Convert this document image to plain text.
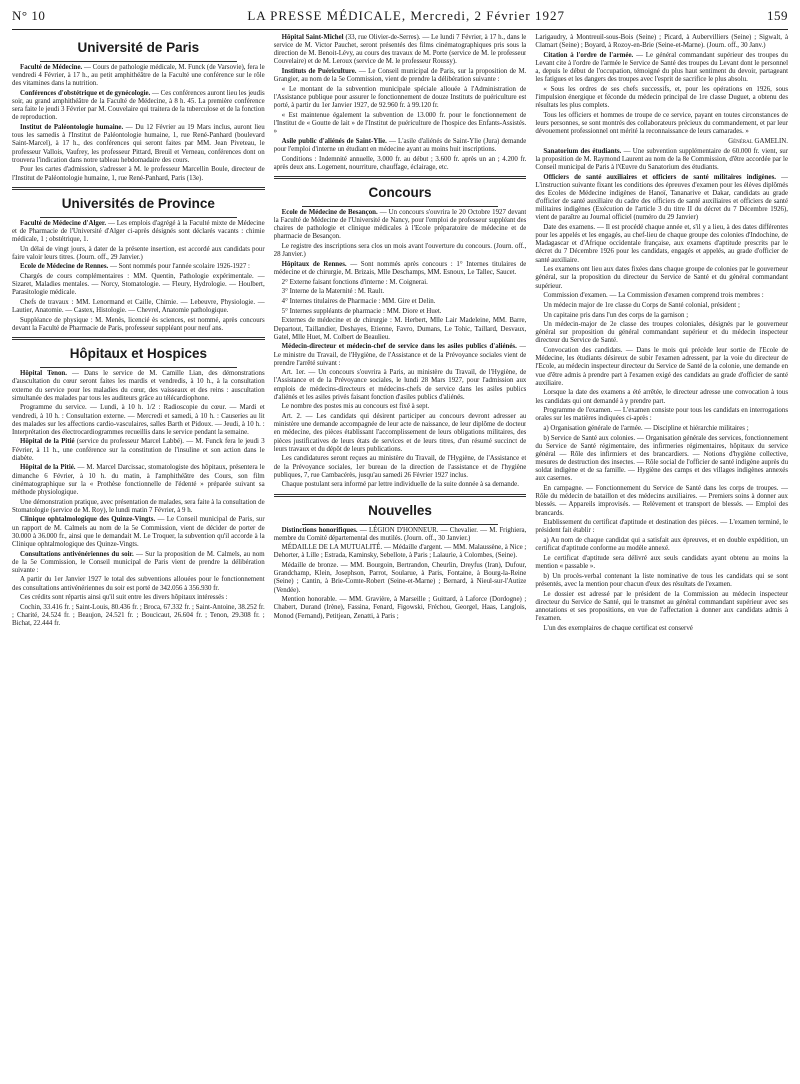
N° 10	LA PRESSE MÉDICALE, Mercredi, 2 Février 1927	159
Université de Paris

Faculté de Médecine. — Cours de pathologie médicale, M. Funck (de Varsovie), fera le vendredi 4 Février, à 17 h., au petit amphithéâtre de la Faculté une conférence sur le rôle des vitamines dans la nutrition.

Conférences d'obstétrique et de gynécologie. — Ces conférences auront lieu les jeudis soir, au grand amphithéâtre de la Faculté de Médecine, à 8 h. 45. La première conférence sera faite le jeudi 3 Février par M. Couvelaire qui traitera de la tuberculose et de la fonction de reproduction.

Institut de Paléontologie humaine. — Du 12 Février au 19 Mars inclus, auront lieu tous les samedis à l'Institut de Paléontologie humaine, 1, rue René-Panhard (boulevard Saint-Marcel), à 17 h., des conférences qui seront faites par MM. Jean Piveteau, le professeur Vallois, Vaufrey, les professeur Pittard, Breuil et Verneau, conférences dont on trouvera l'indication dans notre tableau hebdomadaire des cours.

Pour les cartes d'admission, s'adresser à M. le professeur Marcellin Boule, directeur de l'Institut de Paléontologie humaine, 1, rue René-Panhard, Paris (13e).

Universités de Province

Faculté de Médecine d'Alger. — Les emplois d'agrégé à la Faculté mixte de Médecine et de Pharmacie de l'Université d'Alger ci-après désignés sont déclarés vacants : chimie médicale, 1 ; obstétrique, 1.

Un délai de vingt jours, à dater de la présente insertion, est accordé aux candidats pour faire valoir leurs titres. (Journ. off., 29 Janvier.)

Ecole de Médecine de Rennes. — Sont nommés pour l'année scolaire 1926-1927 :

Chargés de cours complémentaires : MM. Quentin, Pathologie expérimentale. — Sizaret, Maladies mentales. — Norcy, Stomatologie. — Fleury, Hydrologie. — Houlbert, Parasitologie médicale.

Chefs de travaux : MM. Lenormand et Caille, Chimie. — Lebeuvre, Physiologie. — Lautier, Anatomie. — Castex, Histologie. — Chevrel, Anatomie pathologique.

Suppléance de physique : M. Menès, licencié ès sciences, est nommé, après concours devant la Faculté de Pharmacie de Paris, professeur suppléant pour neuf ans.

Hôpitaux et Hospices

Hôpital Tenon. — Dans le service de M. Camille Lian, des démonstrations d'auscultation du cœur seront faites les mardis et vendredis, à 10 h., à la consultation externe du service pour les maladies du cœur, des vaisseaux et des reins : auscultation simultanée des malades par tous les auditeurs grâce au télécardiophone.

Programme du service. — Lundi, à 10 h. 1/2 : Radioscopie du cœur. — Mardi et vendredi, à 10 h. : Consultation externe. — Mercredi et samedi, à 10 h. : Causeries au lit des malades sur les affections cardio-vasculaires, salles Barth et Pidoux. — Jeudi, à 10 h. : Interprétation des électrocardiogrammes recueillis dans le service pendant la semaine.

Hôpital de la Pitié (service du professeur Marcel Labbé). — M. Funck fera le jeudi 3 Février, à 11 h., une conférence sur la constitution de l'insuline et son action dans le diabète.

Hôpital de la Pitié. — M. Marcel Darcissac, stomatologiste des hôpitaux, présentera le dimanche 6 Février, à 10 h. du matin, à l'amphithéâtre des Cours, son film cinématographique sur la « Prothèse fonctionnelle de l'édenté » préparée suivant sa méthode physiologique.

Une démonstration pratique, avec présentation de malades, sera faite à la consultation de Stomatologie (service de M. Roy), le lundi matin 7 Février, à 9 h.

Clinique ophtalmologique des Quinze-Vingts. — Le Conseil municipal de Paris, sur un rapport de M. Calmels au nom de la 5e Commission, vient de décider de porter de 30.000 à 36.000 fr., ainsi que le demandait M. Le Troquer, la subvention qu'il accorde à la Clinique ophtalmologique des Quinze-Vingts.

Consultations antivénériennes du soir. — Sur la proposition de M. Calmels, au nom de la 5e Commission, le Conseil municipal de Paris vient de prendre la délibération suivante :

A partir du 1er Janvier 1927 le total des subventions allouées pour le fonctionnement des consultations antivénériennes du soir est porté de 342.056 à 356.930 fr.

Ces crédits sont répartis ainsi qu'il suit entre les divers hôpitaux intéressés :

Cochin, 33.416 fr. ; Saint-Louis, 80.436 fr. ; Broca, 67.332 fr. ; Saint-Antoine, 38.252 fr. ; Charité, 24.524 fr. ; Beaujon, 24.521 fr. ; Boucicaut, 26.604 fr. ; Tenon, 29.308 fr. ; Bichat, 22.444 fr.

Hôpital Saint-Michel (33, rue Olivier-de-Serres). — Le lundi 7 Février, à 17 h., dans le service de M. Victor Pauchet, seront présentés des films cinématographiques pris sous la direction de M. Benoit-Lévy, au cours des travaux de M. Porte (service de M. le professeur Couvelaire) et de M. Leroux (service de M. le professeur Roussy).

Instituts de Puériculture. — Le Conseil municipal de Paris, sur la proposition de M. Grangier, au nom de la 5e Commission, vient de prendre la délibération suivante :

« Le montant de la subvention municipale spéciale allouée à l'Administration de l'Assistance publique pour assurer le fonctionnement de douze Instituts de puériculture est porté, à partir du 1er Janvier 1927, de 92.960 fr. à 99.120 fr.

« Est maintenue également la subvention de 13.000 fr. pour le fonctionnement de l'Institut de « Goutte de lait » de l'Institut de puériculture de l'hospice des Enfants-Assistés. »

Asile public d'aliénés de Saint-Ylie. — L'asile d'aliénés de Saint-Ylie (Jura) demande pour l'emploi d'interne un étudiant en médecine ayant au moins huit inscriptions.

Conditions : Indemnité annuelle, 3.000 fr. au début ; 3.600 fr. après un an ; 4.200 fr. après deux ans. Logement, nourriture, chauffage, éclairage, etc.

Concours

Ecole de Médecine de Besançon. — Un concours s'ouvrira le 20 Octobre 1927 devant la Faculté de Médecine de l'Université de Nancy, pour l'emploi de professeur suppléant des chaires de pathologie et clinique médicales à l'Ecole préparatoire de médecine et de pharmacie de Besançon.

Le registre des inscriptions sera clos un mois avant l'ouverture du concours. (Journ. off., 28 Janvier.)

Hôpitaux de Rennes. — Sont nommés après concours : 1° Internes titulaires de médecine et de chirurgie, M. Brizais, Mlle Deschamps, MM. Esnoux, Le Tallec, Saucet.

2° Externe faisant fonctions d'interne : M. Coignerai.

3° Interne de la Maternité : M. Rault.

4° Internes titulaires de Pharmacie : MM. Gire et Delin.

5° Internes suppléants de pharmacie : MM. Diore et Huet.

Externes de médecine et de chirurgie : M. Herbert, Mlle Lair Madeleine, MM. Barre, Departout, Taillandier, Deshayes, Etienne, Favro, Dumans, Le Tohic, Taillard, Desvaux, Gatel, Mlle Huet, M. Colbert de Beaulieu.

Médecin-directeur et médecin-chef de service dans les asiles publics d'aliénés. — Le ministre du Travail, de l'Hygiène, de l'Assistance et de la Prévoyance sociales vient de prendre l'arrêté suivant :

Art. 1er. — Un concours s'ouvrira à Paris, au ministère du Travail, de l'Hygiène, de l'Assistance et de la Prévoyance sociales, le lundi 28 Mars 1927, pour l'admission aux emplois de médecins-directeurs et médecins-chefs de service dans les asiles publics d'aliénés et les asiles privés faisant fonction d'asiles publics d'aliénés.

Le nombre des postes mis au concours est fixé à sept.

Art. 2. — Les candidats qui désirent participer au concours devront adresser au ministère une demande accompagnée de leur acte de naissance, de leur diplôme de docteur en médecine, des pièces établissant l'accomplissement de leurs obligations militaires, des pièces justificatives de leurs états de services et de leurs titres, d'un résumé succinct de leurs travaux et du dépôt de leurs publications.

Les candidatures seront reçues au ministère du Travail, de l'Hygiène, de l'Assistance et de la Prévoyance sociales, 1er bureau de la direction de l'assistance et de l'hygiène publiques, 7, rue Cambacérès, jusqu'au samedi 26 Février 1927 inclus.

Chaque postulant sera informé par lettre individuelle de la suite donnée à sa demande.

Nouvelles

Distinctions honorifiques. — LÉGION D'HONNEUR. — Chevalier. — M. Frighiera, membre du Comité départemental des mutilés. (Journ. off., 30 Janvier.)

MÉDAILLE DE LA MUTUALITÉ. — Médaille d'argent. — MM. Malaussène, à Nice ; Dehorter, à Lille ; Estrada, Kaminsky, Sebellote, à Paris ; Lalaurie, à Colombes, (Seine).

Médaille de bronze. — MM. Bourgoin, Bertrandon, Cheurlin, Dreyfus (Iran), Dufour, Grandchamp, Klein, Josephson, Parrot, Soularue, à Paris, Fontaine, à Bourg-la-Reine (Seine) ; Cantin, à Brie-Comte-Robert (Seine-et-Marne) ; Bernard, à Nieul-sur-l'Autize (Vendée).

Mention honorable. — MM. Gravière, à Marseille ; Guittard, à Laforce (Dordogne) ; Chabert, Durand (Irène), Fassina, Fenard, Figowski, Fréchou, Georgel, Haas, Langlois, Monod (Fernand), Petitjean, Zenatti, à Paris ;

Larigaudry, à Montreuil-sous-Bois (Seine) ; Picard, à Aubervilliers (Seine) ; Sigwalt, à Clamart (Seine) ; Boyard, à Rozoy-en-Brie (Seine-et-Marne). (Journ. off., 30 Janv.)

Citation à l'ordre de l'armée. — Le général commandant supérieur des troupes du Levant cite à l'ordre de l'armée le Service de Santé des troupes du Levant dont le personnel a, depuis le début de l'occupation, témoigné du plus haut sentiment du devoir, partageant les fatigues et les dangers des troupes avec l'esprit de sacrifice le plus absolu.

« Sous les ordres de ses chefs successifs, et, pour les opérations en 1926, sous l'impulsion énergique et féconde du médecin principal de 1re classe Duguet, a obtenu des résultats les plus complets.

Tous les officiers et hommes de troupe de ce service, payant en toutes circonstances de leurs personnes, se sont montrés des collaborateurs précieux du commandement, et par leur dévouement professionnel ont mérité la reconnaissance de leurs camarades. »

Général GAMELIN.

Sanatorium des étudiants. — Une subvention supplémentaire de 60.000 fr. vient, sur la proposition de M. Raymond Laurent au nom de la 8e Commission, d'être accordée par le Conseil municipal de Paris à l'Œuvre du Sanatorium des étudiants.

Officiers de santé auxiliaires et officiers de santé militaires indigènes. — L'instruction suivante fixant les conditions des épreuves d'examen pour les élèves diplômés des Ecoles de Médecine indigènes de Hanoï, Tananarive et Dakar, candidats au grade d'officier de santé auxiliaire du cadre des officiers de santé auxiliaires et officiers de santé militaires indigènes (Exécution de l'article 3 du titre II du décret du 7 Décembre 1926), vient de paraître au Journal officiel (numéro du 29 Janvier)

Date des examens. — Il est procédé chaque année et, s'il y a lieu, à des dates différentes pour les appelés et les engagés, au chef-lieu de chaque groupe des colonies d'Indochine, de Madagascar et d'Afrique occidentale française, aux examens d'aptitude prescrits par le décret du 7 Décembre 1926 pour les candidats, engagés et appelés, au grade d'officier de santé auxiliaire.

Les examens ont lieu aux dates fixées dans chaque groupe de colonies par le gouverneur général, sur la proposition du directeur du Service de Santé et du général commandant supérieur.

Commission d'examen. — La Commission d'examen comprend trois membres :

Un médecin major de 1re classe du Corps de Santé colonial, président ;

Un capitaine pris dans l'un des corps de la garnison ;

Un médecin-major de 2e classe des troupes coloniales, désignés par le gouverneur général sur proposition du général commandant supérieur et du médecin inspecteur directeur du Service de Santé.

Convocation des candidats. — Dans le mois qui précède leur sortie de l'Ecole de Médecine, les étudiants désireux de subir l'examen adressent, par la voie du directeur de l'Ecole, au médecin inspecteur directeur du Service de Santé de la colonie, une demande en vue d'être admis à prendre part à l'examen exigé des candidats au grade d'officier de santé auxiliaire.

Lorsque la date des examens a été arrêtée, le directeur adresse une convocation à tous les candidats qui ont demandé à y prendre part.

Programme de l'examen. — L'examen consiste pour tous les candidats en interrogations orales sur les matières indiquées ci-après :

a) Organisation générale de l'armée. — Discipline et hiérarchie militaires ;

b) Service de Santé aux colonies. — Organisation générale des services, fonctionnement du Service de Santé régimentaire, des infirmeries régimentaires, hôpitaux du service général — Rôle des infirmiers et des brancardiers. — Notions d'hygiène collective, mesures de destruction des insectes. — Rôle social de l'officier de santé indigène auprès du soldat indigène et de sa famille. — Hygiène des camps et des villages indigènes annexés aux casernes.

En campagne. — Fonctionnement du Service de Santé dans les corps de troupes. — Rôle du médecin de bataillon et des médecins auxiliaires. — Premiers soins à donner aux blessés. — Appareils improvisés. — Relèvement et transport de blessés. — Emploi des brancards.

Etablissement du certificat d'aptitude et destination des pièces. — L'examen terminé, le président fait établir :

a) Au nom de chaque candidat qui a satisfait aux épreuves, et en double expédition, un certificat d'aptitude conforme au modèle annexé.

Le certificat d'aptitude sera délivré aux seuls candidats ayant obtenu au moins la mention « passable ».

b) Un procès-verbal contenant la liste nominative de tous les candidats qui se sont présentés, avec la mention pour chacun d'eux des résultats de l'examen.

Le dossier est adressé par le président de la Commission au médecin inspecteur directeur du Service de Santé, qui le transmet au général commandant supérieur avec ses annotations et ses propositions, en vue de l'affectation à donner aux candidats admis à l'examen.

L'un des exemplaires de chaque certificat est conservé
